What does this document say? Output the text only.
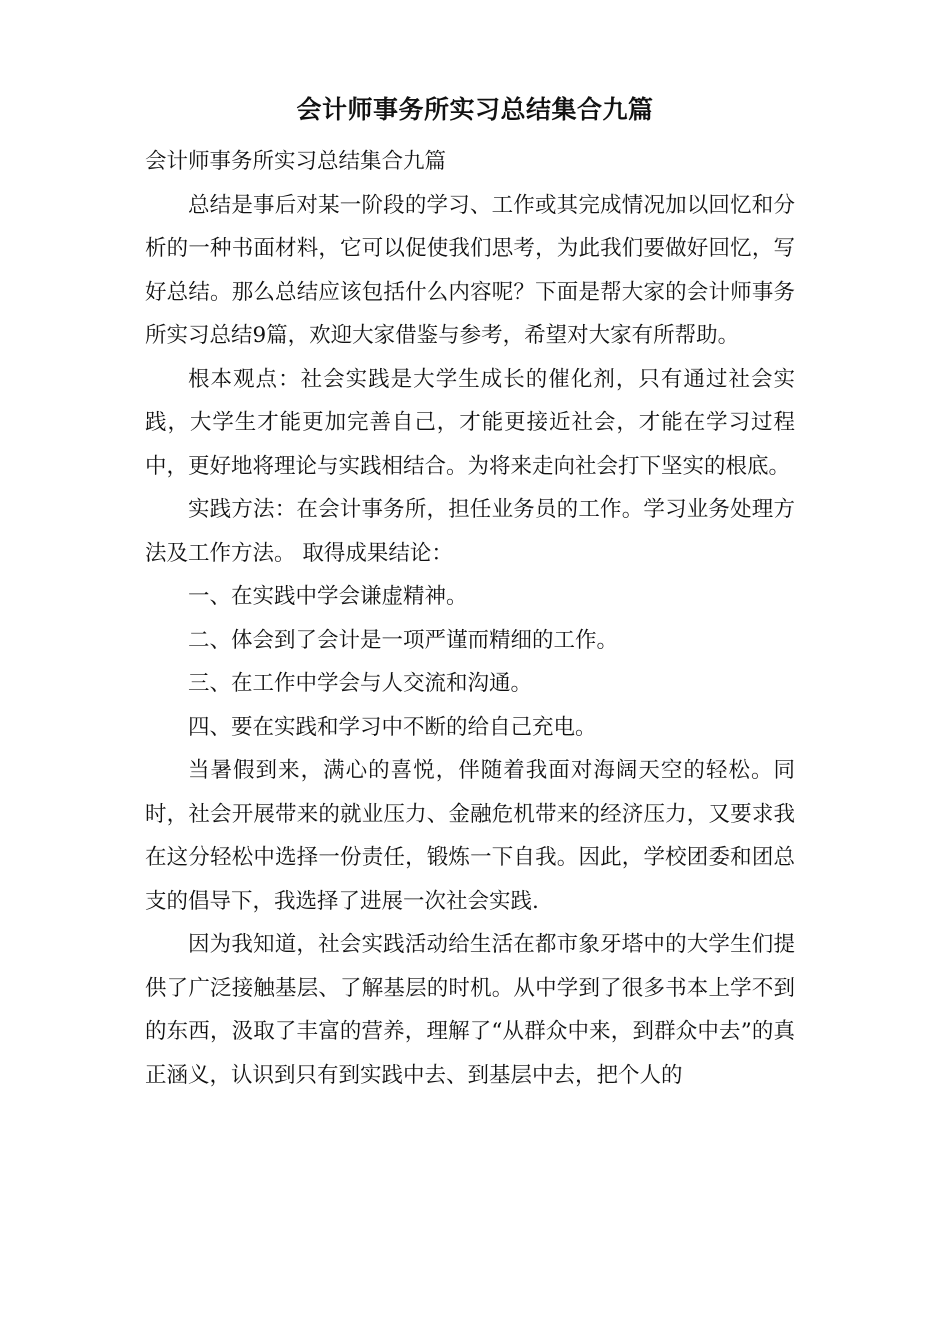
会计师事务所实习总结集合九篇

会计师事务所实习总结集合九篇

总结是事后对某一阶段的学习、工作或其完成情况加以回忆和分析的一种书面材料，它可以促使我们思考，为此我们要做好回忆，写好总结。那么总结应该包括什么内容呢？下面是帮大家的会计师事务所实习总结9篇，欢迎大家借鉴与参考，希望对大家有所帮助。

根本观点：社会实践是大学生成长的催化剂，只有通过社会实践，大学生才能更加完善自己，才能更接近社会，才能在学习过程中，更好地将理论与实践相结合。为将来走向社会打下坚实的根底。

实践方法：在会计事务所，担任业务员的工作。学习业务处理方法及工作方法。 取得成果结论：

一、在实践中学会谦虚精神。

二、体会到了会计是一项严谨而精细的工作。

三、在工作中学会与人交流和沟通。

四、要在实践和学习中不断的给自己充电。

当暑假到来，满心的喜悦，伴随着我面对海阔天空的轻松。同时，社会开展带来的就业压力、金融危机带来的经济压力，又要求我在这分轻松中选择一份责任，锻炼一下自我。因此，学校团委和团总支的倡导下，我选择了进展一次社会实践.

因为我知道，社会实践活动给生活在都市象牙塔中的大学生们提供了广泛接触基层、了解基层的时机。从中学到了很多书本上学不到的东西，汲取了丰富的营养，理解了“从群众中来，到群众中去”的真正涵义，认识到只有到实践中去、到基层中去，把个人的
